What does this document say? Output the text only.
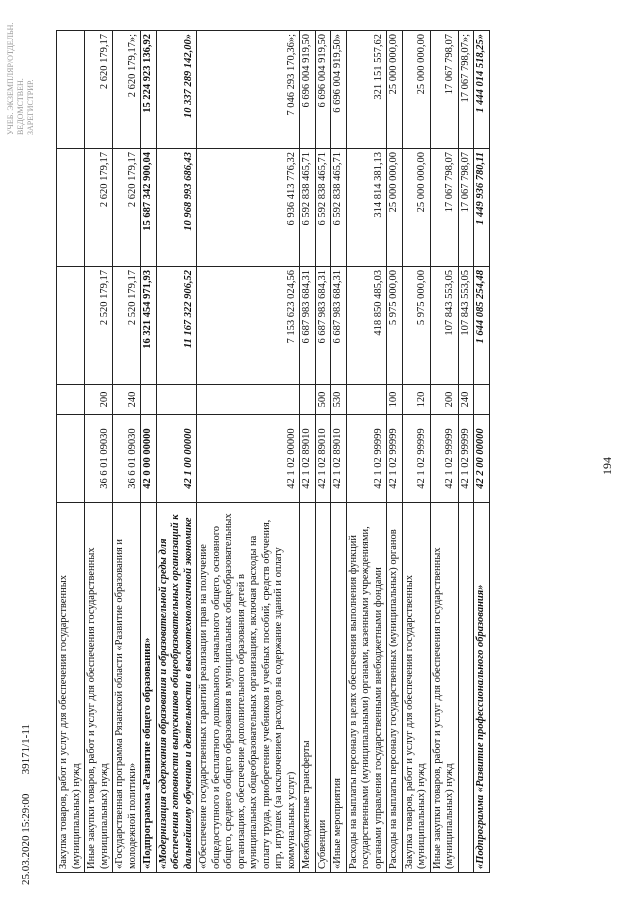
194
25.03.2020 15:29:00       39171/1-11
УЧЕБ. ЭКЗЕМПЛЯР/ОТДЕЛЬН. ВЕДОМСТВЕН. ЗАРЕГИСТРИР.
Закупка товаров, работ и услуг для обеспечения государственных (муниципальных) нужд					
Иные закупки товаров, работ и услуг для обеспечения государственных (муниципальных) нужд	36 6 01 09030	200	2 520 179,17	2 620 179,17	2 620 179,17
«Государственная программа Рязанской области «Развитие образования и молодежной политики»	36 6 01 09030	240	2 520 179,17	2 620 179,17	2 620 179,17»;
«Подпрограмма «Развитие общего образования»	42 0 00 00000		16 321 454 971,93	15 687 342 900,04	15 224 923 136,92
«Модернизация содержания образования и образовательной среды для обеспечения готовности выпускников общеобразовательных организаций к дальнейшему обучению и деятельности в высокотехнологичной экономике	42 1 00 00000		11 167 322 906,52	10 968 993 686,43	10 337 289 142,00»
«Обеспечение государственных гарантий реализации прав на получение общедоступного и бесплатного дошкольного, начального общего, основного общего, среднего общего образования в муниципальных общеобразовательных организациях, обеспечение дополнительного образования детей в муниципальных общеобразовательных организациях, включая расходы на оплату труда, приобретение учебников и учебных пособий, средств обучения, игр, игрушек (за исключением расходов на содержание зданий и оплату коммунальных услуг)	42 1 02 00000		7 153 623 024,56	6 936 413 776,32	7 046 293 170,36»;
Межбюджетные трансферты	42 1 02 89010		6 687 983 684,31	6 592 838 465,71	6 696 004 919,50
Субвенции	42 1 02 89010	500	6 687 983 684,31	6 592 838 465,71	6 696 004 919,50
«Иные мероприятия	42 1 02 89010	530	6 687 983 684,31	6 592 838 465,71	6 696 004 919,50»
Расходы на выплаты персоналу в целях обеспечения выполнения функций государственными (муниципальными) органами, казенными учреждениями, органами управления государственными внебюджетными фондами	42 1 02 99999		418 850 485,03	314 814 381,13	321 151 557,62
Расходы на выплаты персоналу государственных (муниципальных) органов	42 1 02 99999	100	5 975 000,00	25 000 000,00	25 000 000,00
Закупка товаров, работ и услуг для обеспечения государственных (муниципальных) нужд	42 1 02 99999	120	5 975 000,00	25 000 000,00	25 000 000,00
Иные закупки товаров, работ и услуг для обеспечения государственных (муниципальных) нужд	42 1 02 99999	200	107 843 553,05	17 067 798,07	17 067 798,07
	42 1 02 99999	240	107 843 553,05	17 067 798,07	17 067 798,07»;
«Подпрограмма «Развитие профессионального образования»	42 2 00 00000		1 644 085 254,48	1 449 936 780,11	1 444 014 518,25»
